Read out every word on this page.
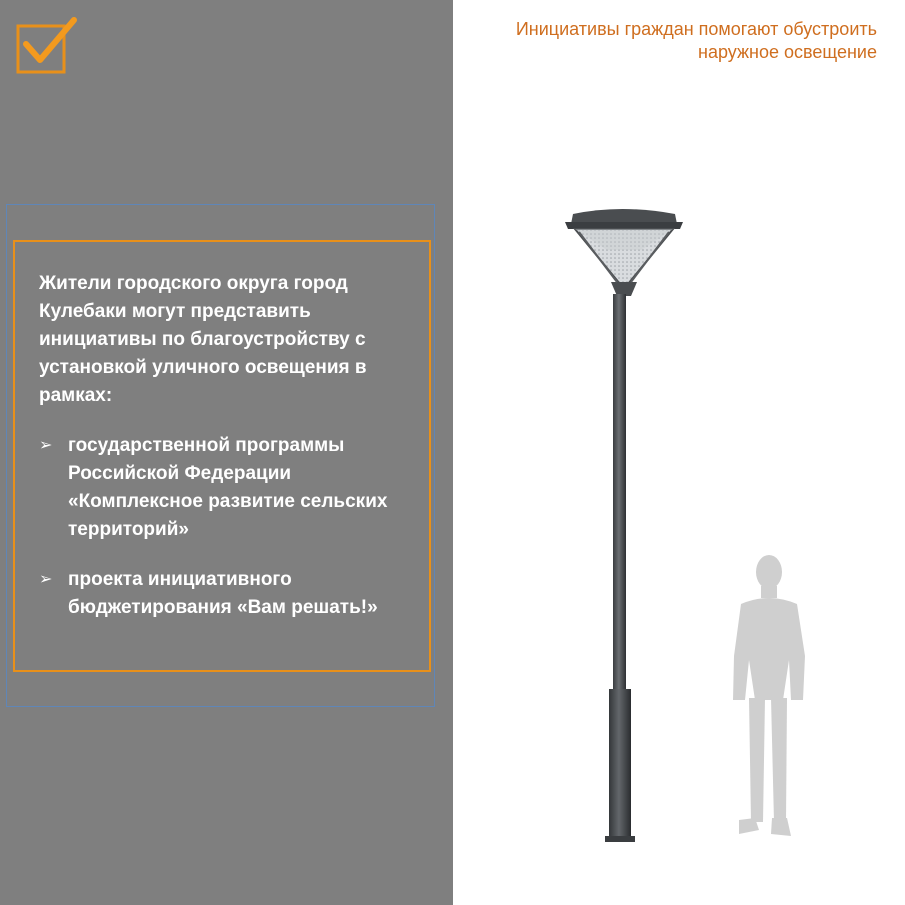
Жители городского округа город Кулебаки могут представить инициативы по благоустройству с установкой уличного освещения в рамках:

➢ государственной программы Российской Федерации «Комплексное развитие сельских территорий»
➢ проекта инициативного бюджетирования «Вам решать!»
Инициативы граждан помогают обустроить
наружное освещение
